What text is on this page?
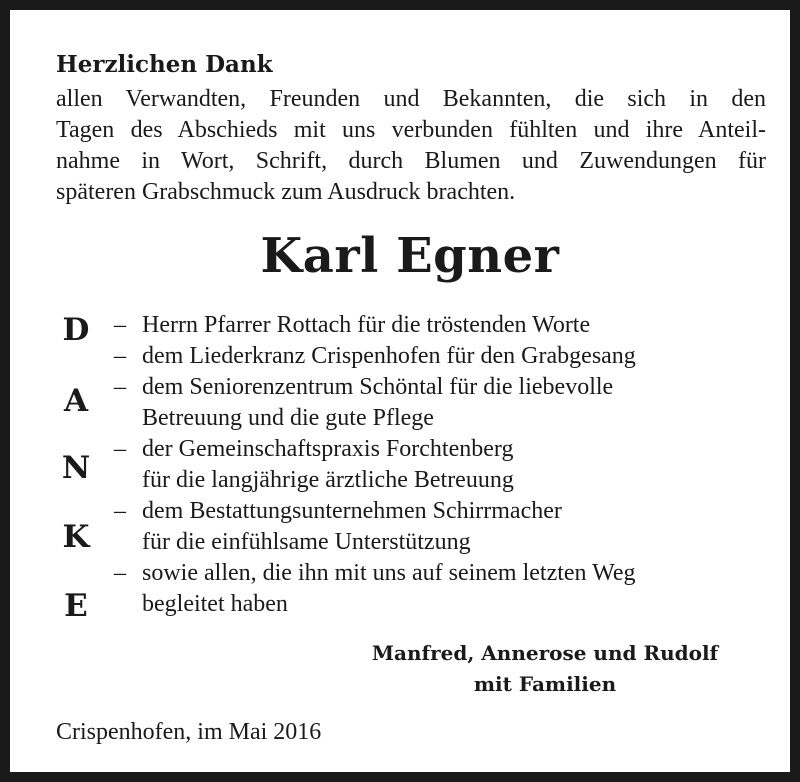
Herzlichen Dank
allen Verwandten, Freunden und Bekannten, die sich in den
Tagen des Abschieds mit uns verbunden fühlten und ihre Anteil-
nahme in Wort, Schrift, durch Blumen und Zuwendungen für
späteren Grabschmuck zum Ausdruck brachten.
Karl Egner
D
A
N
K
E
– Herrn Pfarrer Rottach für die tröstenden Worte
– dem Liederkranz Crispenhofen für den Grabgesang
– dem Seniorenzentrum Schöntal für die liebevolle
Betreuung und die gute Pflege
– der Gemeinschaftspraxis Forchtenberg
für die langjährige ärztliche Betreuung
– dem Bestattungsunternehmen Schirrmacher
für die einfühlsame Unterstützung
– sowie allen, die ihn mit uns auf seinem letzten Weg
begleitet haben
Manfred, Annerose und Rudolf
mit Familien
Crispenhofen, im Mai 2016
